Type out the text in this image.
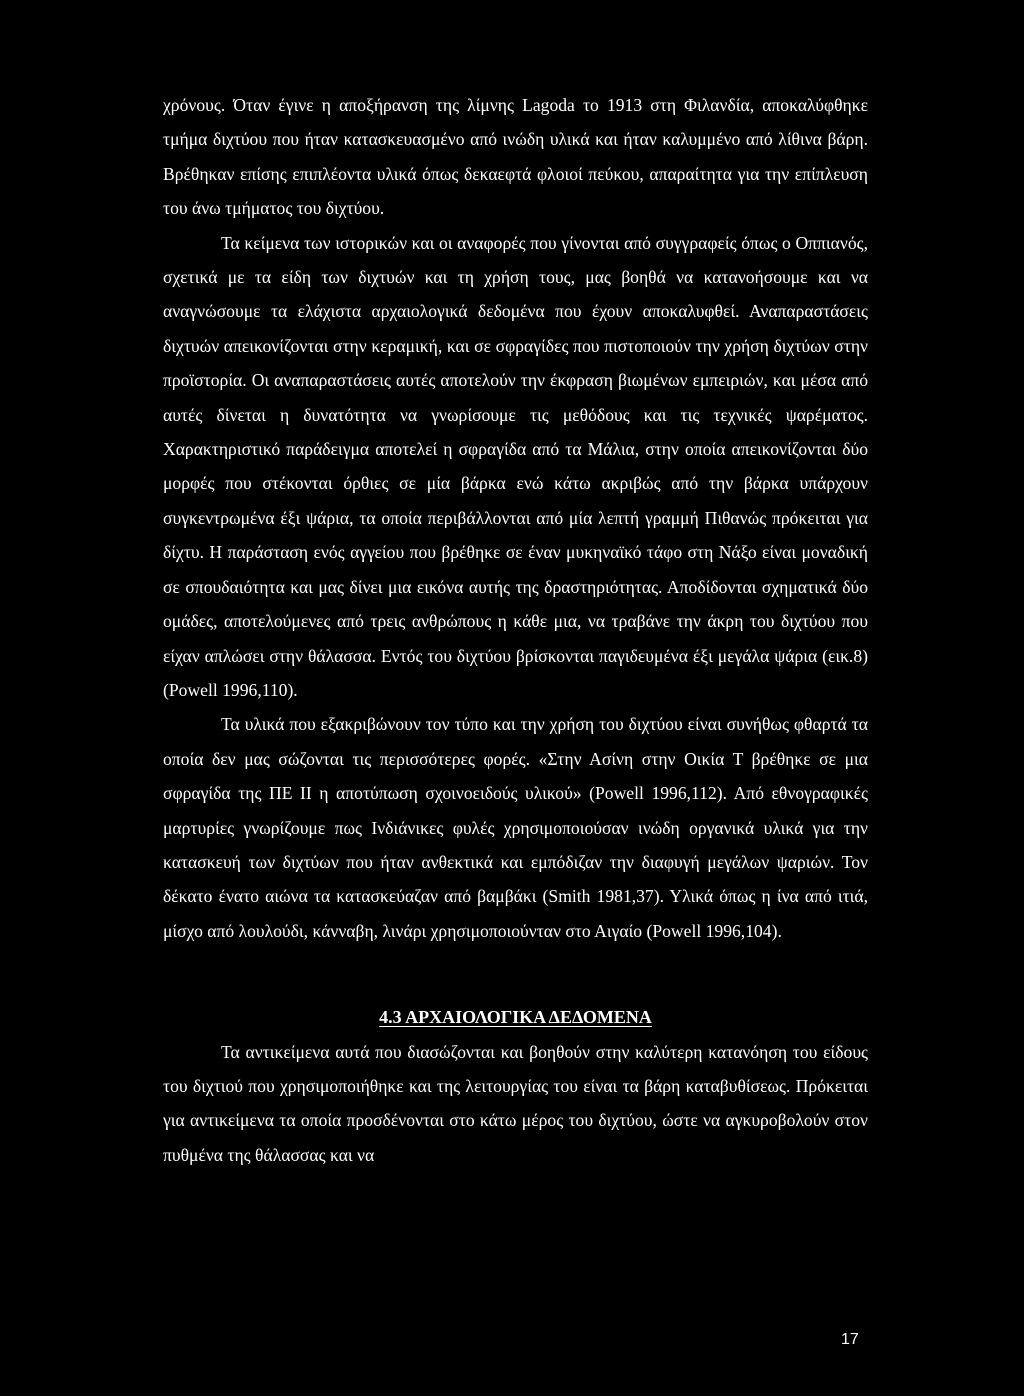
χρόνους. Όταν έγινε η αποξήρανση της λίμνης Lagoda το 1913 στη Φιλανδία, αποκαλύφθηκε τμήμα διχτύου που ήταν κατασκευασμένο από ινώδη υλικά και ήταν καλυμμένο από λίθινα βάρη. Βρέθηκαν επίσης επιπλέοντα υλικά όπως δεκαεφτά φλοιοί πεύκου, απαραίτητα για την επίπλευση του άνω τμήματος του διχτύου.

Τα κείμενα των ιστορικών και οι αναφορές που γίνονται από συγγραφείς όπως ο Οππιανός, σχετικά με τα είδη των διχτυών και τη χρήση τους, μας βοηθά να κατανοήσουμε και να αναγνώσουμε τα ελάχιστα αρχαιολογικά δεδομένα που έχουν αποκαλυφθεί. Αναπαραστάσεις διχτυών απεικονίζονται στην κεραμική, και σε σφραγίδες που πιστοποιούν την χρήση διχτύων στην προϊστορία. Οι αναπαραστάσεις αυτές αποτελούν την έκφραση βιωμένων εμπειριών, και μέσα από αυτές δίνεται η δυνατότητα να γνωρίσουμε τις μεθόδους και τις τεχνικές ψαρέματος. Χαρακτηριστικό παράδειγμα αποτελεί η σφραγίδα από τα Μάλια, στην οποία απεικονίζονται δύο μορφές που στέκονται όρθιες σε μία βάρκα ενώ κάτω ακριβώς από την βάρκα υπάρχουν συγκεντρωμένα έξι ψάρια, τα οποία περιβάλλονται από μία λεπτή γραμμή Πιθανώς πρόκειται για δίχτυ. Η παράσταση ενός αγγείου που βρέθηκε σε έναν μυκηναϊκό τάφο στη Νάξο είναι μοναδική σε σπουδαιότητα και μας δίνει μια εικόνα αυτής της δραστηριότητας. Αποδίδονται σχηματικά δύο ομάδες, αποτελούμενες από τρεις ανθρώπους η κάθε μια, να τραβάνε την άκρη του διχτύου που είχαν απλώσει στην θάλασσα. Εντός του διχτύου βρίσκονται παγιδευμένα έξι μεγάλα ψάρια (εικ.8) (Powell 1996,110).

Τα υλικά που εξακριβώνουν τον τύπο και την χρήση του διχτύου είναι συνήθως φθαρτά τα οποία δεν μας σώζονται τις περισσότερες φορές. «Στην Ασίνη στην Οικία Τ βρέθηκε σε μια σφραγίδα της ΠΕ ΙΙ η αποτύπωση σχοινοειδούς υλικού» (Powell 1996,112). Από εθνογραφικές μαρτυρίες γνωρίζουμε πως Ινδιάνικες φυλές χρησιμοποιούσαν ινώδη οργανικά υλικά για την κατασκευή των διχτύων που ήταν ανθεκτικά και εμπόδιζαν την διαφυγή μεγάλων ψαριών. Τον δέκατο ένατο αιώνα τα κατασκεύαζαν από βαμβάκι (Smith 1981,37). Υλικά όπως η ίνα από ιτιά, μίσχο από λουλούδι, κάνναβη, λινάρι χρησιμοποιούνταν στο Αιγαίο (Powell 1996,104).

4.3 ΑΡΧΑΙΟΛΟΓΙΚΑ ΔΕΔΟΜΕΝΑ

Τα αντικείμενα αυτά που διασώζονται και βοηθούν στην καλύτερη κατανόηση του είδους του διχτιού που χρησιμοποιήθηκε και της λειτουργίας του είναι τα βάρη καταβυθίσεως. Πρόκειται για αντικείμενα τα οποία προσδένονται στο κάτω μέρος του διχτύου, ώστε να αγκυροβολούν στον πυθμένα της θάλασσας και να

17
